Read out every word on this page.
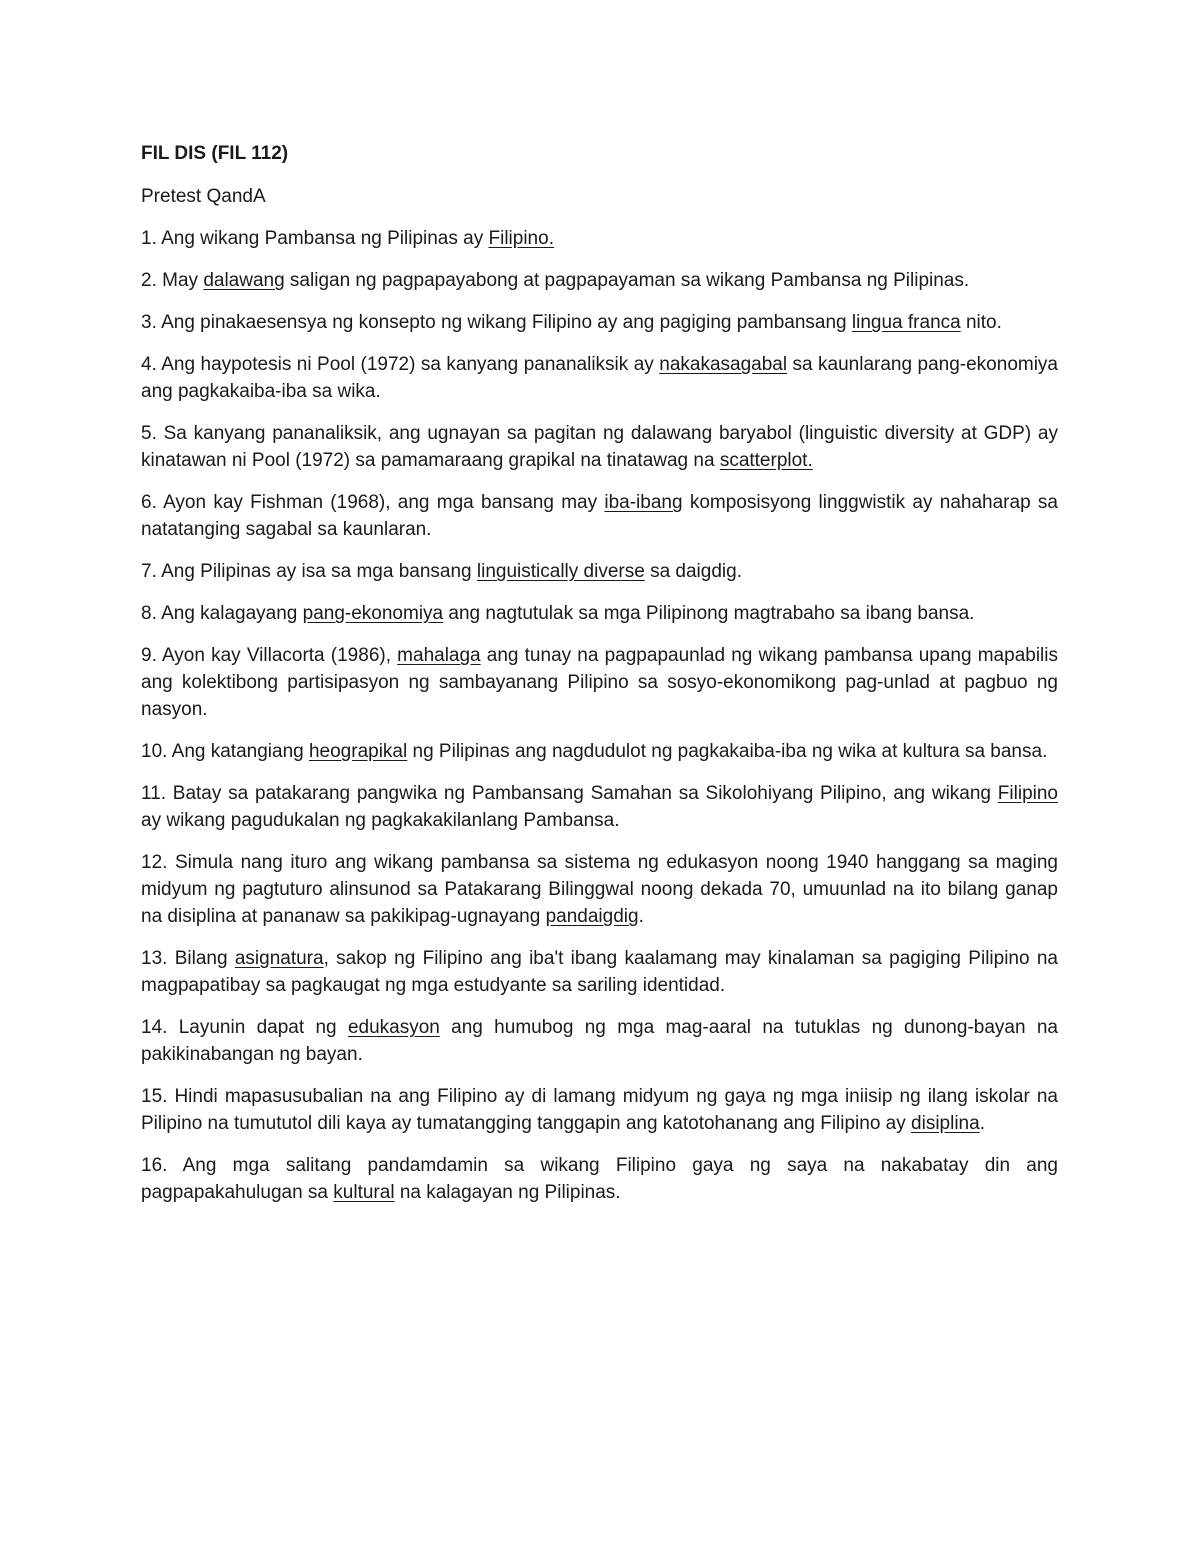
FIL DIS (FIL 112)
Pretest QandA
1. Ang wikang Pambansa ng Pilipinas ay Filipino.
2. May dalawang saligan ng pagpapayabong at pagpapayaman sa wikang Pambansa ng Pilipinas.
3. Ang pinakaesensya ng konsepto ng wikang Filipino ay ang pagiging pambansang lingua franca nito.
4. Ang haypotesis ni Pool (1972) sa kanyang pananaliksik ay nakakasagabal sa kaunlarang pang-ekonomiya ang pagkakaiba-iba sa wika.
5. Sa kanyang pananaliksik, ang ugnayan sa pagitan ng dalawang baryabol (linguistic diversity at GDP) ay kinatawan ni Pool (1972) sa pamamaraang grapikal na tinatawag na scatterplot.
6. Ayon kay Fishman (1968), ang mga bansang may iba-ibang komposisyong linggwistik ay nahaharap sa natatanging sagabal sa kaunlaran.
7. Ang Pilipinas ay isa sa mga bansang linguistically diverse sa daigdig.
8. Ang kalagayang pang-ekonomiya ang nagtutulak sa mga Pilipinong magtrabaho sa ibang bansa.
9. Ayon kay Villacorta (1986), mahalaga ang tunay na pagpapaunlad ng wikang pambansa upang mapabilis ang kolektibong partisipasyon ng sambayanang Pilipino sa sosyo-ekonomikong pag-unlad at pagbuo ng nasyon.
10. Ang katangiang heograpikal ng Pilipinas ang nagdudulot ng pagkakaiba-iba ng wika at kultura sa bansa.
11. Batay sa patakarang pangwika ng Pambansang Samahan sa Sikolohiyang Pilipino, ang wikang Filipino ay wikang pagudukalan ng pagkakakilanlang Pambansa.
12. Simula nang ituro ang wikang pambansa sa sistema ng edukasyon noong 1940 hanggang sa maging midyum ng pagtuturo alinsunod sa Patakarang Bilinggwal noong dekada 70, umuunlad na ito bilang ganap na disiplina at pananaw sa pakikipag-ugnayang pandaigdig.
13. Bilang asignatura, sakop ng Filipino ang iba't ibang kaalamang may kinalaman sa pagiging Pilipino na magpapatibay sa pagkaugat ng mga estudyante sa sariling identidad.
14. Layunin dapat ng edukasyon ang humubog ng mga mag-aaral na tutuklas ng dunong-bayan na pakikinabangan ng bayan.
15. Hindi mapasusubalian na ang Filipino ay di lamang midyum ng gaya ng mga iniisip ng ilang iskolar na Pilipino na tumututol dili kaya ay tumatangging tanggapin ang katotohanang ang Filipino ay disiplina.
16. Ang mga salitang pandamdamin sa wikang Filipino gaya ng saya na nakabatay din ang pagpapakahulugan sa kultural na kalagayan ng Pilipinas.
